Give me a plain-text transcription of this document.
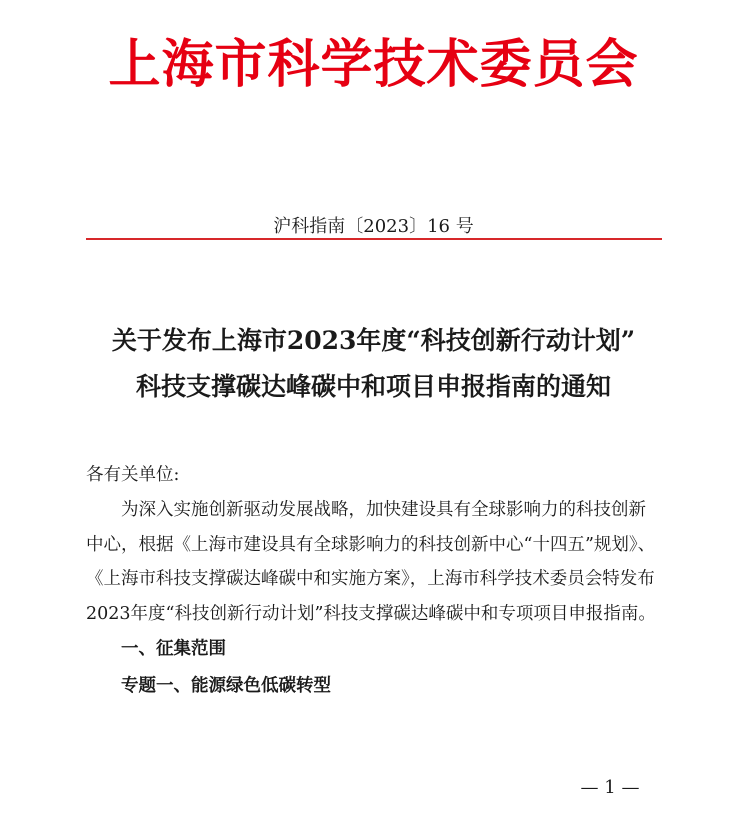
上海市科学技术委员会
沪科指南〔2023〕16 号
关于发布上海市2023年度“科技创新行动计划”
科技支撑碳达峰碳中和项目申报指南的通知

各有关单位:

为深入实施创新驱动发展战略，加快建设具有全球影响力的科技创新中心，根据《上海市建设具有全球影响力的科技创新中心“十四五”规划》、《上海市科技支撑碳达峰碳中和实施方案》，上海市科学技术委员会特发布2023年度“科技创新行动计划”科技支撑碳达峰碳中和专项项目申报指南。

一、征集范围

专题一、能源绿色低碳转型

— 1 —
